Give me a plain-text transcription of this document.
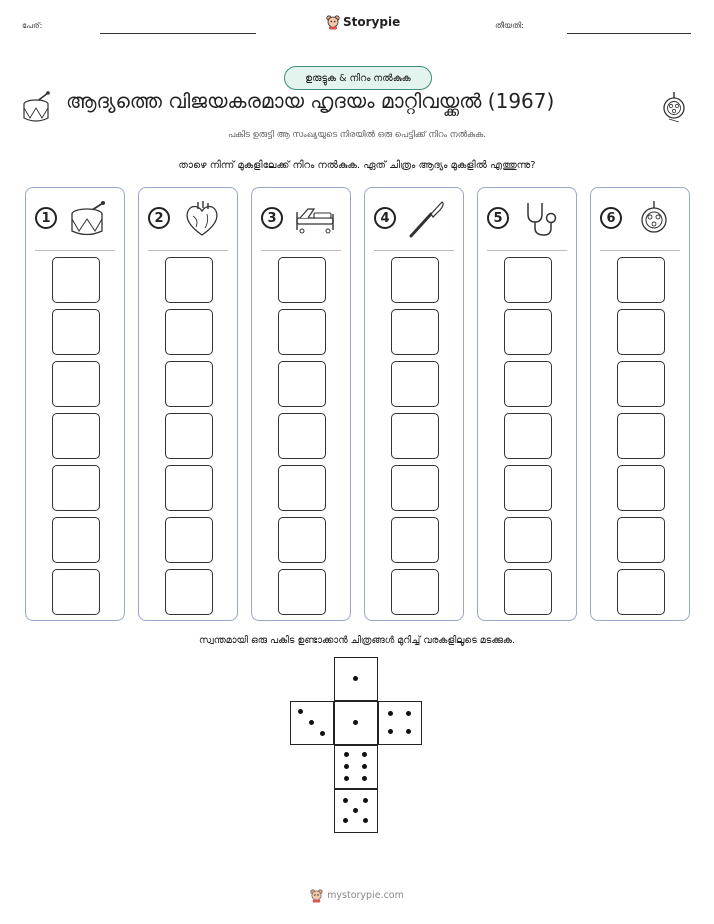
പേര്:	Storypie	തീയതി:
ഉരുട്ടുക & നിറം നൽകുക
ആദ്യത്തെ വിജയകരമായ ഹൃദയം മാറ്റിവയ്ക്കൽ (1967)
പകിട ഉരുട്ടി ആ സംഖ്യയുടെ നിരയിൽ ഒരു പെട്ടിക്ക് നിറം നൽകുക.
താഴെ നിന്ന് മുകളിലേക്ക് നിറം നൽകുക. ഏത് ചിത്രം ആദ്യം മുകളിൽ എത്തുന്നു?
1	2	3	4	5	6
സ്വന്തമായി ഒരു പകിട ഉണ്ടാക്കാൻ ചിത്രങ്ങൾ മുറിച്ച് വരകളിലൂടെ മടക്കുക.
mystorypie.com
